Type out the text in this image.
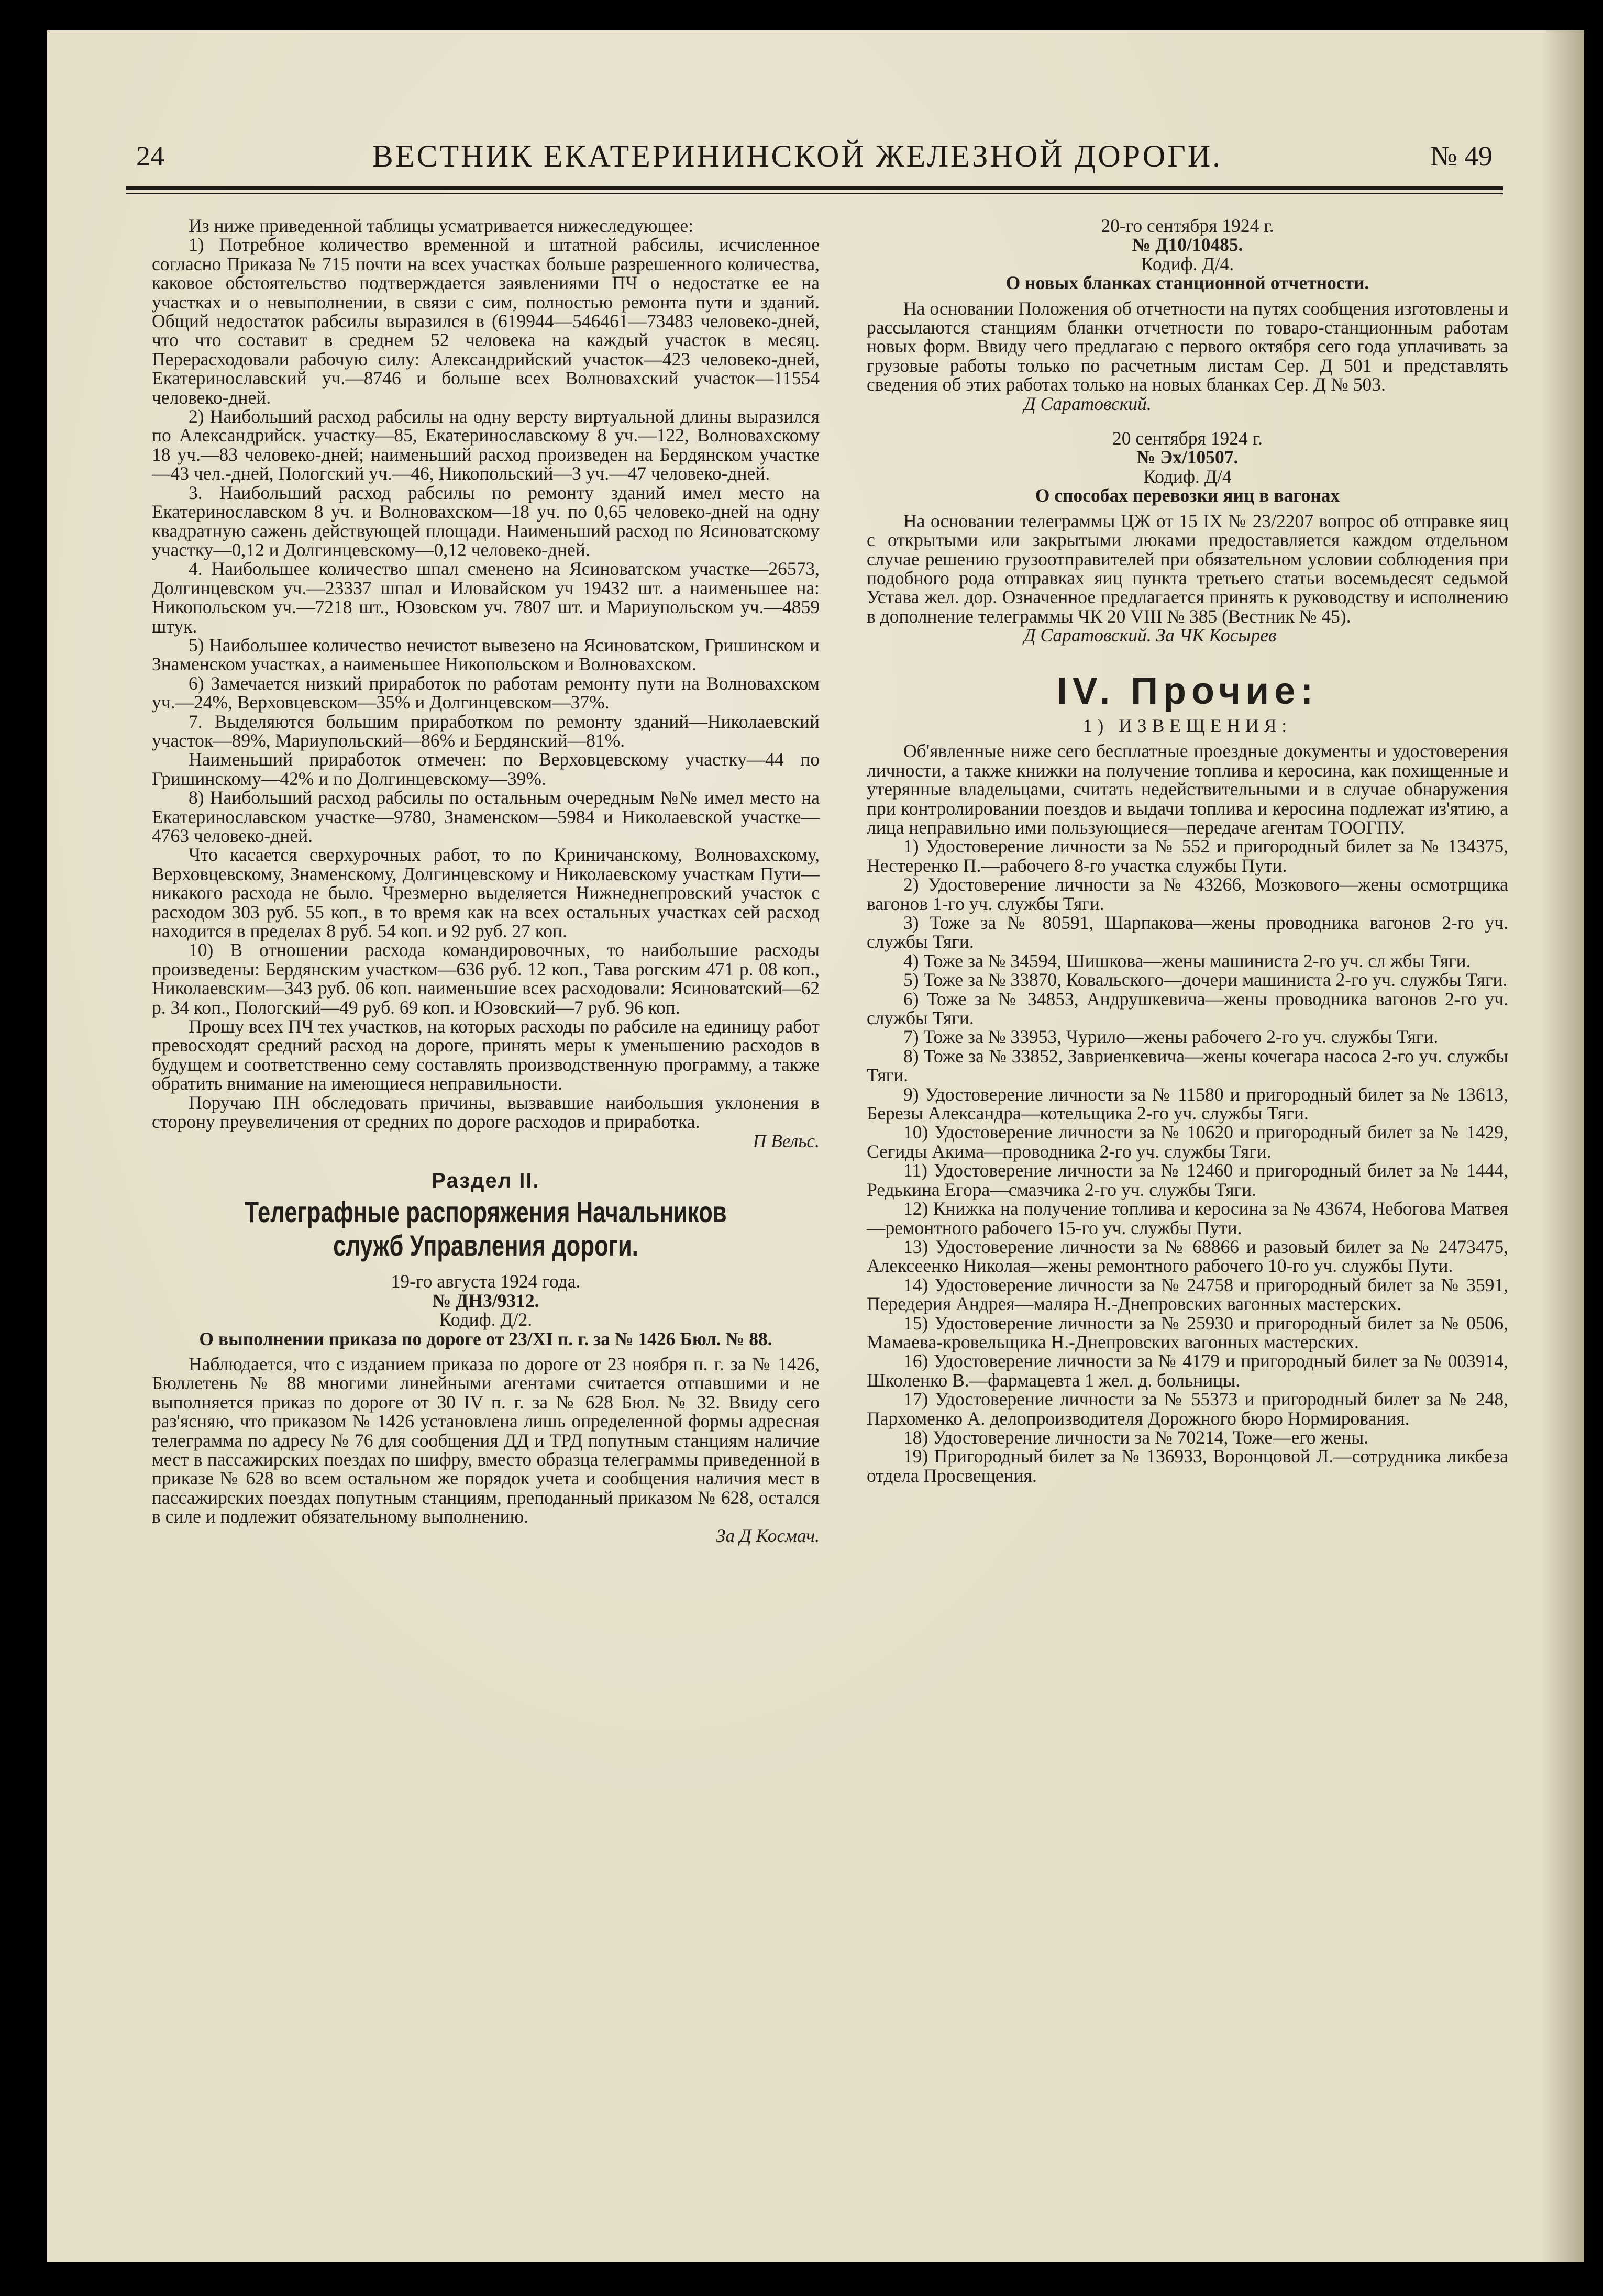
24	ВЕСТНИК ЕКАТЕРИНИНСКОЙ ЖЕЛЕЗНОЙ ДОРОГИ.	№ 49

Из ниже приведенной таблицы усматривается нижеследующее:

1) Потребное количество временной и штатной рабсилы, исчисленное согласно Приказа № 715 почти на всех участках больше разрешенного количества, каковое обстоятельство подтверждается заявлениями ПЧ о недостатке ее на участках и о невыполнении, в связи с сим, полностью ремонта пути и зданий. Общий недостаток рабсилы выразился в (619944—546461—73483 человеко-дней, что что составит в среднем 52 человека на каждый участок в месяц. Перерасходовали рабочую силу: Александрийский участок—423 человеко-дней, Екатеринославский уч.—8746 и больше всех Волноваxский участок—11554 человеко-дней.

2) Наибольший расход рабсилы на одну версту виртуальной длины выразился по Александрийск. участку—85, Екатеринославскому 8 уч.—122, Волноваxскому 18 уч.—83 человеко-дней; наименьший расход произведен на Бердянском участке—43 чел.-дней, Пологский уч.—46, Никопольский—3 уч.—47 человеко-дней.

3. Наибольший расход рабсилы по ремонту зданий имел место на Екатеринославском 8 уч. и Волноваxском—18 уч. по 0,65 человеко-дней на одну квадратную сажень действующей площади. Наименьший расход по Ясиноватскому участку—0,12 и Долгинцевскому—0,12 человеко-дней.

4. Наибольшее количество шпал сменено на Ясиноватском участке—26573, Долгинцевском уч.—23337 шпал и Иловайском уч 19432 шт. а наименьшее на: Никопольском уч.—7218 шт., Юзовском уч. 7807 шт. и Мариупольском уч.—4859 штук.

5) Наибольшее количество нечистот вывезено на Ясиноватском, Гришинском и Знаменском участках, а наименьшее Никопольском и Волноваxском.

6) Замечается низкий приработок по работам ремонту пути на Волноваxском уч.—24%, Верховцевском—35% и Долгинцевском—37%.

7. Выделяются большим приработком по ремонту зданий—Николаевский участок—89%, Мариупольский—86% и Бердянский—81%.

Наименьший приработок отмечен: по Верховцевскому участку—44 по Гришинскому—42% и по Долгинцевскому—39%.

8) Наибольший расход рабсилы по остальным очередным №№ имел место на Екатеринославском участке—9780, Знаменском—5984 и Николаевской участке—4763 человеко-дней.

Что касается сверхурочных работ, то по Криничанскому, Волноваxскому, Верховцевскому, Знаменскому, Долгинцевскому и Николаевскому участкам Пути—никакого расхода не было. Чрезмерно выделяется Нижнеднепровский участок с расходом 303 руб. 55 коп., в то время как на всех остальных участках сей расход находится в пределах 8 руб. 54 коп. и 92 руб. 27 коп.

10) В отношении расхода командировочных, то наибольшие расходы произведены: Бердянским участком—636 руб. 12 коп., Тава рогским 471 р. 08 коп., Николаевским—343 руб. 06 коп. наименьшие всех расходовали: Ясиноватский—62 р. 34 коп., Пологский—49 руб. 69 коп. и Юзовский—7 руб. 96 коп.

Прошу всех ПЧ тех участков, на которых расходы по рабсиле на единицу работ превосходят средний расход на дороге, принять меры к уменьшению расходов в будущем и соответственно сему составлять производственную программу, а также обратить внимание на имеющиеся неправильности.

Поручаю ПН обследовать причины, вызвавшие наибольшия уклонения в сторону преувеличения от средних по дороге расходов и приработка.

П Вельс.

Раздел II.
Телеграфные распоряжения Начальников служб Управления дороги.

19-го августа 1924 года.

№ ДН3/9312.

Кодиф. Д/2.

О выполнении приказа по дороге от 23/XI п. г. за № 1426 Бюл. № 88.

Наблюдается, что с изданием приказа по дороге от 23 ноября п. г. за № 1426, Бюллетень № 88 многими линейными агентами считается отпавшими и не выполняется приказ по дороге от 30 IV п. г. за № 628 Бюл. № 32. Ввиду сего раз'ясняю, что приказом № 1426 установлена лишь определенной формы адресная телеграмма по адресу № 76 для сообщения ДД и ТРД попутным станциям наличие мест в пассажирских поездах по шифру, вместо образца телеграммы приведенной в приказе № 628 во всем остальном же порядок учета и сообщения наличия мест в пассажирских поездах попутным станциям, преподанный приказом № 628, остался в силе и подлежит обязательному выполнению.

За Д Космач.

20-го сентября 1924 г.

№ Д10/10485.

Кодиф. Д/4.

О новых бланках станционной отчетности.

На основании Положения об отчетности на путях сообщения изготовлены и рассылаются станциям бланки отчетности по товаро-станционным работам новых форм. Ввиду чего предлагаю с первого октября сего года уплачивать за грузовые работы только по расчетным листам Сер. Д 501 и представлять сведения об этих работах только на новых бланках Сер. Д № 503.

Д Саратовский.

20 сентября 1924 г.

№ Эх/10507.

Кодиф. Д/4

О способах перевозки яиц в вагонах

На основании телеграммы ЦЖ от 15 IX № 23/2207 вопрос об отправке яиц с открытыми или закрытыми люками предоставляется каждом отдельном случае решению грузоотправителей при обязательном условии соблюдения при подобного рода отправках яиц пункта третьего статьи восемьдесят седьмой Устава жел. дор. Означенное предлагается принять к руководству и исполнению в дополнение телеграммы ЧК 20 VIII № 385 (Вестник № 45).

Д Саратовский. За ЧК Косырев

IV. Прочие:

1) ИЗВЕЩЕНИЯ:

Об'явленные ниже сего бесплатные проездные документы и удостоверения личности, а также книжки на получение топлива и керосина, как похищенные и утерянные владельцами, считать недействительными и в случае обнаружения при контролировании поездов и выдачи топлива и керосина подлежат из'ятию, а лица неправильно ими пользующиеся—передаче агентам ТООГПУ.

1) Удостоверение личности за № 552 и пригородный билет за № 134375, Нестеренко П.—рабочего 8-го участка службы Пути.

2) Удостоверение личности за № 43266, Мозкового—жены осмотрщика вагонов 1-го уч. службы Тяги.

3) Тоже за № 80591, Шарпакова—жены проводника вагонов 2-го уч. службы Тяги.

4) Тоже за № 34594, Шишкова—жены машиниста 2-го уч. сл жбы Тяги.

5) Тоже за № 33870, Ковальского—дочери машиниста 2-го уч. службы Тяги.

6) Тоже за № 34853, Андрушкевича—жены проводника вагонов 2-го уч. службы Тяги.

7) Тоже за № 33953, Чурило—жены рабочего 2-го уч. службы Тяги.

8) Тоже за № 33852, Завриенкевича—жены кочегара насоса 2-го уч. службы Тяги.

9) Удостоверение личности за № 11580 и пригородный билет за № 13613, Березы Александра—котельщика 2-го уч. службы Тяги.

10) Удостоверение личности за № 10620 и пригородный билет за № 1429, Сегиды Акима—проводника 2-го уч. службы Тяги.

11) Удостоверение личности за № 12460 и пригородный билет за № 1444, Редькина Егора—смазчика 2-го уч. службы Тяги.

12) Книжка на получение топлива и керосина за № 43674, Небогова Матвея—ремонтного рабочего 15-го уч. службы Пути.

13) Удостоверение личности за № 68866 и разовый билет за № 2473475, Алексеенко Николая—жены ремонтного рабочего 10-го уч. службы Пути.

14) Удостоверение личности за № 24758 и пригородный билет за № 3591, Передерия Андрея—маляра Н.-Днепровских вагонных мастерских.

15) Удостоверение личности за № 25930 и пригородный билет за № 0506, Мамаева-кровельщика Н.-Днепровских вагонных мастерских.

16) Удостоверение личности за № 4179 и пригородный билет за № 003914, Школенко В.—фармацевта 1 жел. д. больницы.

17) Удостоверение личности за № 55373 и пригородный билет за № 248, Пархоменко А. делопроизводителя Дорожного бюро Нормирования.

18) Удостоверение личности за № 70214, Тоже—его жены.

19) Пригородный билет за № 136933, Воронцовой Л.—сотрудника ликбеза отдела Просвещения.
